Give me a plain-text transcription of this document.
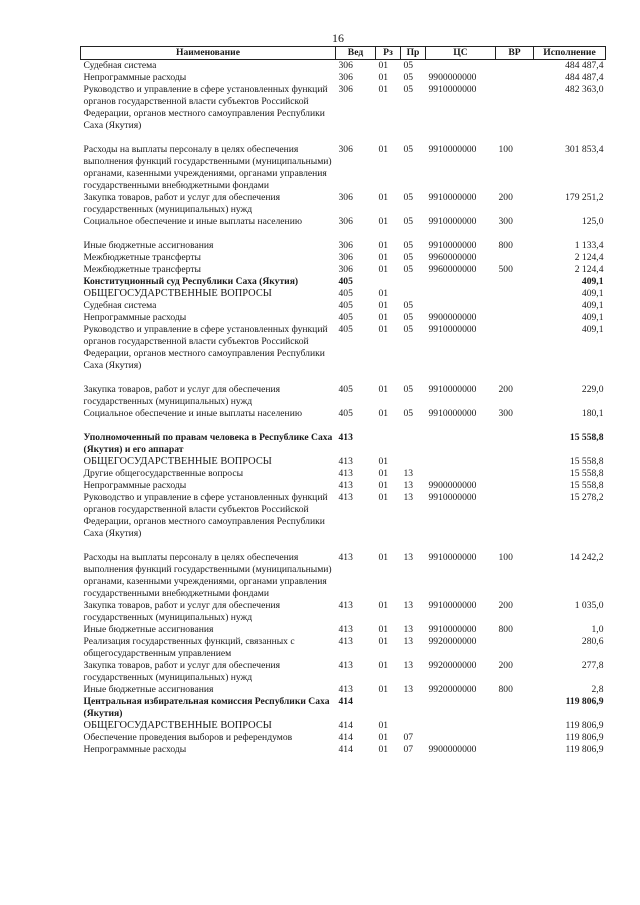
16
Наименование	Вед	Рз	Пр	ЦС	ВР	Исполнение
Судебная система	306	01	05			484 487,4
Непрограммные расходы	306	01	05	9900000000		484 487,4
Руководство и управление в сфере установленных функций органов государственной власти субъектов Российской Федерации, органов местного самоуправления Республики Саха (Якутия)	306	01	05	9910000000		482 363,0

Расходы на выплаты персоналу в целях обеспечения выполнения функций государственными (муниципальными) органами, казенными учреждениями, органами управления государственными внебюджетными фондами	306	01	05	9910000000	100	301 853,4
Закупка товаров, работ и услуг для обеспечения государственных (муниципальных) нужд	306	01	05	9910000000	200	179 251,2
Социальное обеспечение и иные выплаты населению	306	01	05	9910000000	300	125,0

Иные бюджетные ассигнования	306	01	05	9910000000	800	1 133,4
Межбюджетные трансферты	306	01	05	9960000000		2 124,4
Межбюджетные трансферты	306	01	05	9960000000	500	2 124,4
Конституционный суд Республики Саха (Якутия)	405					409,1
ОБЩЕГОСУДАРСТВЕННЫЕ ВОПРОСЫ	405	01				409,1
Судебная система	405	01	05			409,1
Непрограммные расходы	405	01	05	9900000000		409,1
Руководство и управление в сфере установленных функций органов государственной власти субъектов Российской Федерации, органов местного самоуправления Республики Саха (Якутия)	405	01	05	9910000000		409,1

Закупка товаров, работ и услуг для обеспечения государственных (муниципальных) нужд	405	01	05	9910000000	200	229,0
Социальное обеспечение и иные выплаты населению	405	01	05	9910000000	300	180,1

Уполномоченный по правам человека в Республике Саха (Якутия) и его аппарат	413					15 558,8
ОБЩЕГОСУДАРСТВЕННЫЕ ВОПРОСЫ	413	01				15 558,8
Другие общегосударственные вопросы	413	01	13			15 558,8
Непрограммные расходы	413	01	13	9900000000		15 558,8
Руководство и управление в сфере установленных функций органов государственной власти субъектов Российской Федерации, органов местного самоуправления Республики Саха (Якутия)	413	01	13	9910000000		15 278,2

Расходы на выплаты персоналу в целях обеспечения выполнения функций государственными (муниципальными) органами, казенными учреждениями, органами управления государственными внебюджетными фондами	413	01	13	9910000000	100	14 242,2
Закупка товаров, работ и услуг для обеспечения государственных (муниципальных) нужд	413	01	13	9910000000	200	1 035,0
Иные бюджетные ассигнования	413	01	13	9910000000	800	1,0
Реализация государственных функций, связанных с общегосударственным управлением	413	01	13	9920000000		280,6
Закупка товаров, работ и услуг для обеспечения государственных (муниципальных) нужд	413	01	13	9920000000	200	277,8
Иные бюджетные ассигнования	413	01	13	9920000000	800	2,8
Центральная избирательная комиссия Республики Саха (Якутия)	414					119 806,9
ОБЩЕГОСУДАРСТВЕННЫЕ ВОПРОСЫ	414	01				119 806,9
Обеспечение проведения выборов и референдумов	414	01	07			119 806,9
Непрограммные расходы	414	01	07	9900000000		119 806,9
